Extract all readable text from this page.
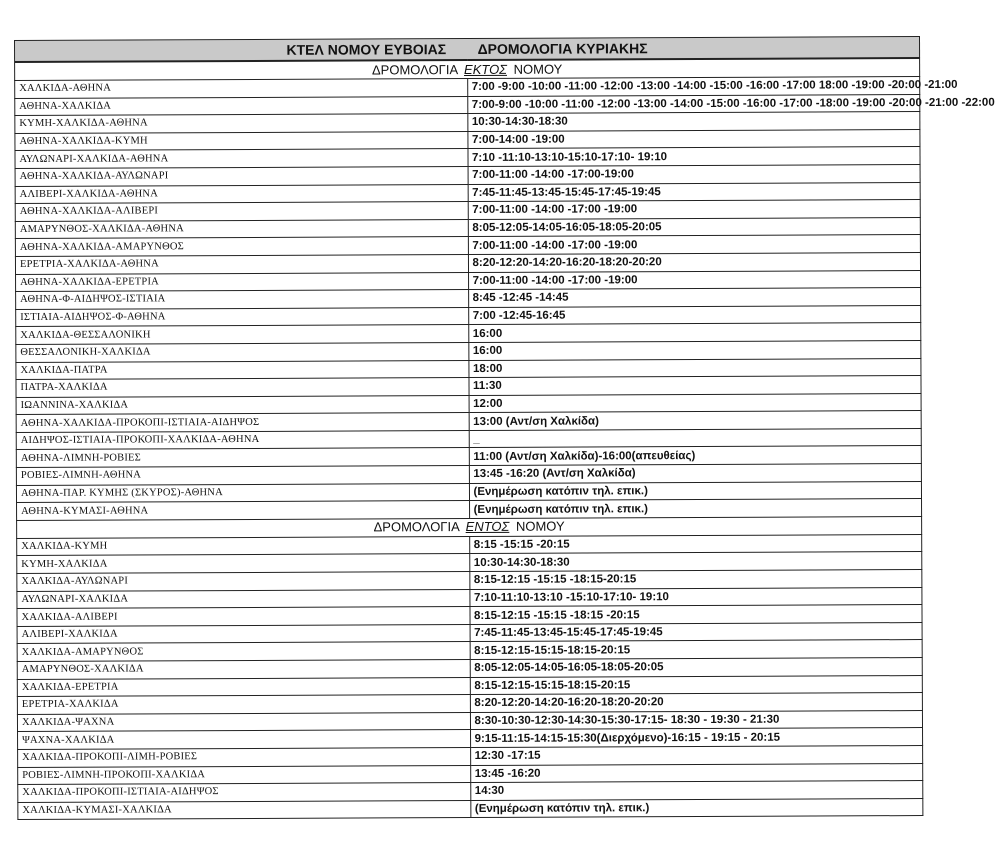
ΚΤΕΛ ΝΟΜΟΥ ΕΥΒΟΙΑΣ ΔΡΟΜΟΛΟΓΙΑ ΚΥΡΙΑΚΗΣ	
ΔΡΟΜΟΛΟΓΙΑ ΕΚΤΟΣ ΝΟΜΟΥ	
ΧΑΛΚΙΔΑ-ΑΘΗΝΑ	7:00 -9:00 -10:00 -11:00 -12:00 -13:00 -14:00 -15:00 -16:00 -17:00 18:00 -19:00 -20:00 -21:00
ΑΘΗΝΑ-ΧΑΛΚΙΔΑ	7:00-9:00 -10:00 -11:00 -12:00 -13:00 -14:00 -15:00 -16:00 -17:00 -18:00 -19:00 -20:00 -21:00 -22:00
ΚΥΜΗ-ΧΑΛΚΙΔΑ-ΑΘΗΝΑ	10:30-14:30-18:30
ΑΘΗΝΑ-ΧΑΛΚΙΔΑ-ΚΥΜΗ	7:00-14:00 -19:00
ΑΥΛΩΝΑΡΙ-ΧΑΛΚΙΔΑ-ΑΘΗΝΑ	7:10 -11:10-13:10-15:10-17:10- 19:10
ΑΘΗΝΑ-ΧΑΛΚΙΔΑ-ΑΥΛΩΝΑΡΙ	7:00-11:00 -14:00 -17:00-19:00
ΑΛΙΒΕΡΙ-ΧΑΛΚΙΔΑ-ΑΘΗΝΑ	7:45-11:45-13:45-15:45-17:45-19:45
ΑΘΗΝΑ-ΧΑΛΚΙΔΑ-ΑΛΙΒΕΡΙ	7:00-11:00 -14:00 -17:00 -19:00
ΑΜΑΡΥΝΘΟΣ-ΧΑΛΚΙΔΑ-ΑΘΗΝΑ	8:05-12:05-14:05-16:05-18:05-20:05
ΑΘΗΝΑ-ΧΑΛΚΙΔΑ-ΑΜΑΡΥΝΘΟΣ	7:00-11:00 -14:00 -17:00 -19:00
ΕΡΕΤΡΙΑ-ΧΑΛΚΙΔΑ-ΑΘΗΝΑ	8:20-12:20-14:20-16:20-18:20-20:20
ΑΘΗΝΑ-ΧΑΛΚΙΔΑ-ΕΡΕΤΡΙΑ	7:00-11:00 -14:00 -17:00 -19:00
ΑΘΗΝΑ-Φ-ΑΙΔΗΨΟΣ-ΙΣΤΙΑΙΑ	8:45 -12:45 -14:45
ΙΣΤΙΑΙΑ-ΑΙΔΗΨΟΣ-Φ-ΑΘΗΝΑ	7:00 -12:45-16:45
ΧΑΛΚΙΔΑ-ΘΕΣΣΑΛΟΝΙΚΗ	16:00
ΘΕΣΣΑΛΟΝΙΚΗ-ΧΑΛΚΙΔΑ	16:00
ΧΑΛΚΙΔΑ-ΠΑΤΡΑ	18:00
ΠΑΤΡΑ-ΧΑΛΚΙΔΑ	11:30
ΙΩΑΝΝΙΝΑ-ΧΑΛΚΙΔΑ	12:00
ΑΘΗΝΑ-ΧΑΛΚΙΔΑ-ΠΡΟΚΟΠΙ-ΙΣΤΙΑΙΑ-ΑΙΔΗΨΟΣ	13:00 (Αντ/ση Χαλκίδα)
ΑΙΔΗΨΟΣ-ΙΣΤΙΑΙΑ-ΠΡΟΚΟΠΙ-ΧΑΛΚΙΔΑ-ΑΘΗΝΑ	_
ΑΘΗΝΑ-ΛΙΜΝΗ-ΡΟΒΙΕΣ	11:00 (Αντ/ση Χαλκίδα)-16:00(απευθείας)
ΡΟΒΙΕΣ-ΛΙΜΝΗ-ΑΘΗΝΑ	13:45 -16:20 (Αντ/ση Χαλκίδα)
ΑΘΗΝΑ-ΠΑΡ. ΚΥΜΗΣ (ΣΚΥΡΟΣ)-ΑΘΗΝΑ	(Ενημέρωση κατόπιν τηλ. επικ.)
ΑΘΗΝΑ-ΚΥΜΑΣΙ-ΑΘΗΝΑ	(Ενημέρωση κατόπιν τηλ. επικ.)
ΔΡΟΜΟΛΟΓΙΑ ΕΝΤΟΣ ΝΟΜΟΥ	
ΧΑΛΚΙΔΑ-ΚΥΜΗ	8:15 -15:15 -20:15
ΚΥΜΗ-ΧΑΛΚΙΔΑ	10:30-14:30-18:30
ΧΑΛΚΙΔΑ-ΑΥΛΩΝΑΡΙ	8:15-12:15 -15:15 -18:15-20:15
ΑΥΛΩΝΑΡΙ-ΧΑΛΚΙΔΑ	7:10-11:10-13:10 -15:10-17:10- 19:10
ΧΑΛΚΙΔΑ-ΑΛΙΒΕΡΙ	8:15-12:15 -15:15 -18:15 -20:15
ΑΛΙΒΕΡΙ-ΧΑΛΚΙΔΑ	7:45-11:45-13:45-15:45-17:45-19:45
ΧΑΛΚΙΔΑ-ΑΜΑΡΥΝΘΟΣ	8:15-12:15-15:15-18:15-20:15
ΑΜΑΡΥΝΘΟΣ-ΧΑΛΚΙΔΑ	8:05-12:05-14:05-16:05-18:05-20:05
ΧΑΛΚΙΔΑ-ΕΡΕΤΡΙΑ	8:15-12:15-15:15-18:15-20:15
ΕΡΕΤΡΙΑ-ΧΑΛΚΙΔΑ	8:20-12:20-14:20-16:20-18:20-20:20
ΧΑΛΚΙΔΑ-ΨΑΧΝΑ	8:30-10:30-12:30-14:30-15:30-17:15- 18:30 - 19:30 - 21:30
ΨΑΧΝΑ-ΧΑΛΚΙΔΑ	9:15-11:15-14:15-15:30(Διερχόμενο)-16:15 - 19:15 - 20:15
ΧΑΛΚΙΔΑ-ΠΡΟΚΟΠΙ-ΛΙΜΗ-ΡΟΒΙΕΣ	12:30 -17:15
ΡΟΒΙΕΣ-ΛΙΜΝΗ-ΠΡΟΚΟΠΙ-ΧΑΛΚΙΔΑ	13:45 -16:20
ΧΑΛΚΙΔΑ-ΠΡΟΚΟΠΙ-ΙΣΤΙΑΙΑ-ΑΙΔΗΨΟΣ	14:30
ΧΑΛΚΙΔΑ-ΚΥΜΑΣΙ-ΧΑΛΚΙΔΑ	(Ενημέρωση κατόπιν τηλ. επικ.)
